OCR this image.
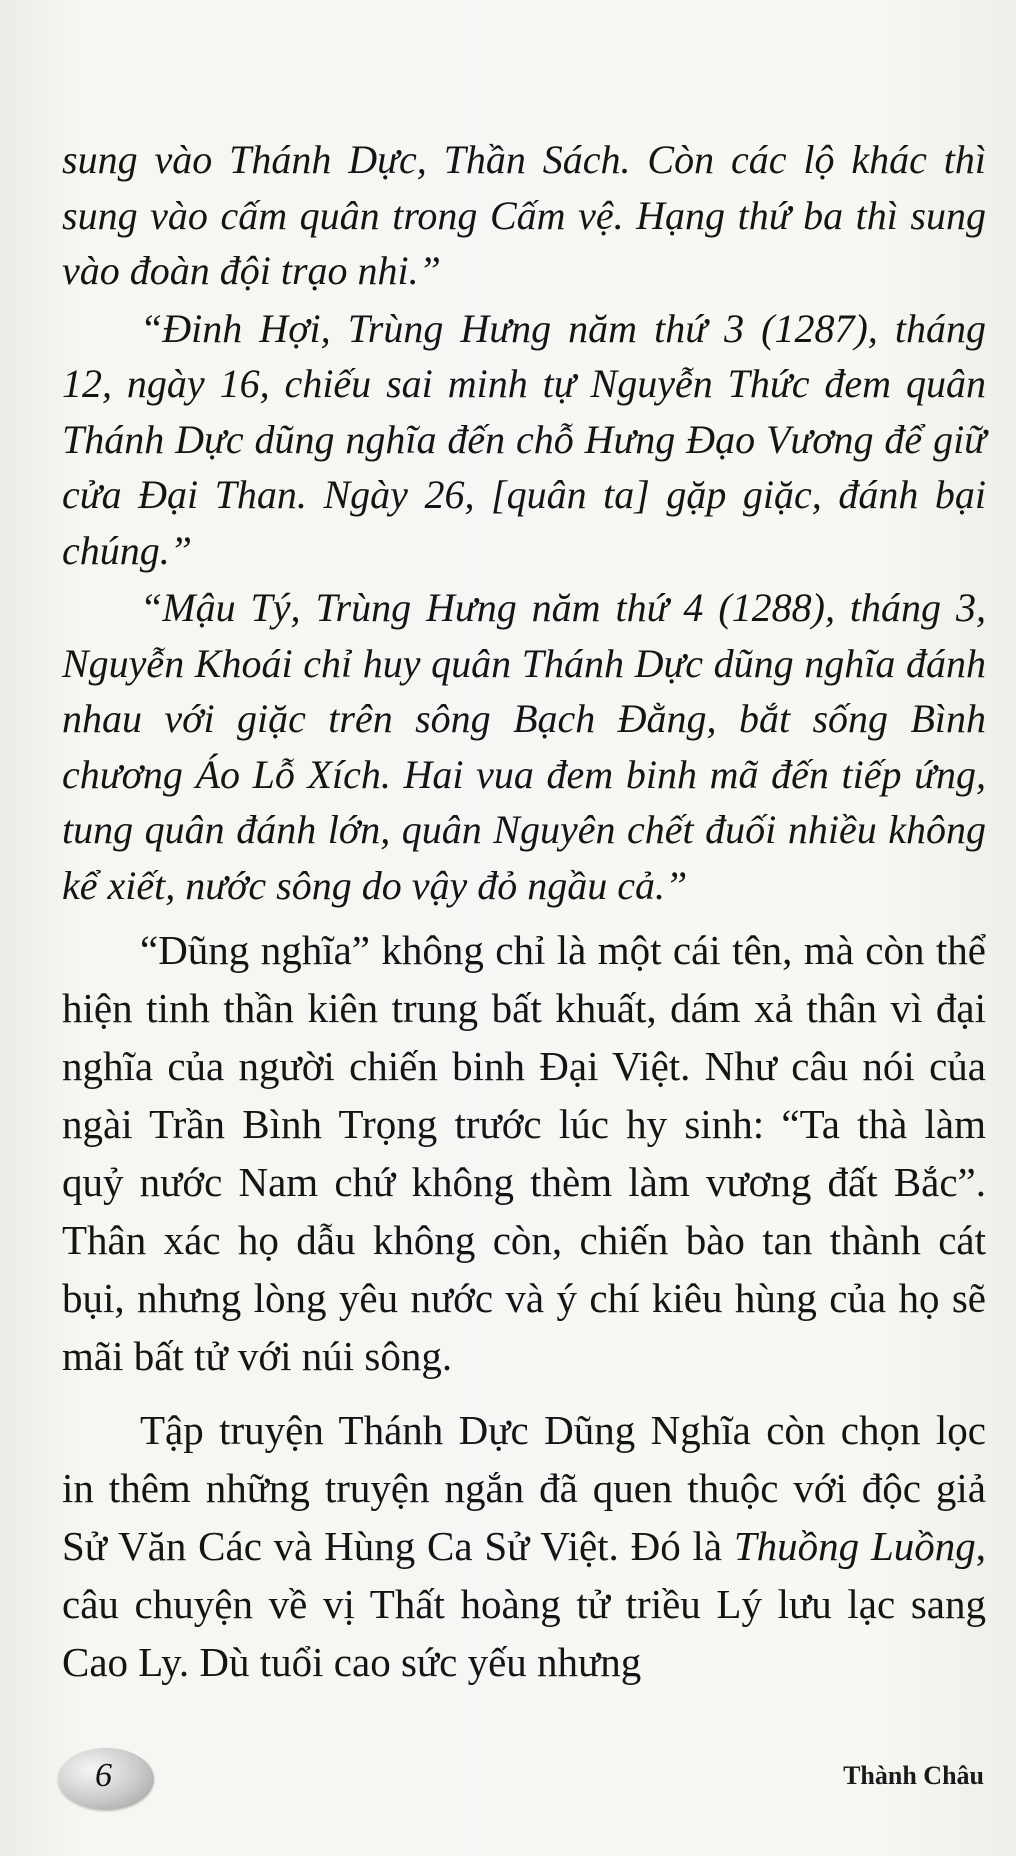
sung vào Thánh Dực, Thần Sách. Còn các lộ khác thì sung vào cấm quân trong Cấm vệ. Hạng thứ ba thì sung vào đoàn đội trạo nhi.”

“Đinh Hợi, Trùng Hưng năm thứ 3 (1287), tháng 12, ngày 16, chiếu sai minh tự Nguyễn Thức đem quân Thánh Dực dũng nghĩa đến chỗ Hưng Đạo Vương để giữ cửa Đại Than. Ngày 26, [quân ta] gặp giặc, đánh bại chúng.”

“Mậu Tý, Trùng Hưng năm thứ 4 (1288), tháng 3, Nguyễn Khoái chỉ huy quân Thánh Dực dũng nghĩa đánh nhau với giặc trên sông Bạch Đằng, bắt sống Bình chương Áo Lỗ Xích. Hai vua đem binh mã đến tiếp ứng, tung quân đánh lớn, quân Nguyên chết đuối nhiều không kể xiết, nước sông do vậy đỏ ngầu cả.”

“Dũng nghĩa” không chỉ là một cái tên, mà còn thể hiện tinh thần kiên trung bất khuất, dám xả thân vì đại nghĩa của người chiến binh Đại Việt. Như câu nói của ngài Trần Bình Trọng trước lúc hy sinh: “Ta thà làm quỷ nước Nam chứ không thèm làm vương đất Bắc”. Thân xác họ dẫu không còn, chiến bào tan thành cát bụi, nhưng lòng yêu nước và ý chí kiêu hùng của họ sẽ mãi bất tử với núi sông.

Tập truyện Thánh Dực Dũng Nghĩa còn chọn lọc in thêm những truyện ngắn đã quen thuộc với độc giả Sử Văn Các và Hùng Ca Sử Việt. Đó là Thuồng Luồng, câu chuyện về vị Thất hoàng tử triều Lý lưu lạc sang Cao Ly. Dù tuổi cao sức yếu nhưng

6	Thành Châu
